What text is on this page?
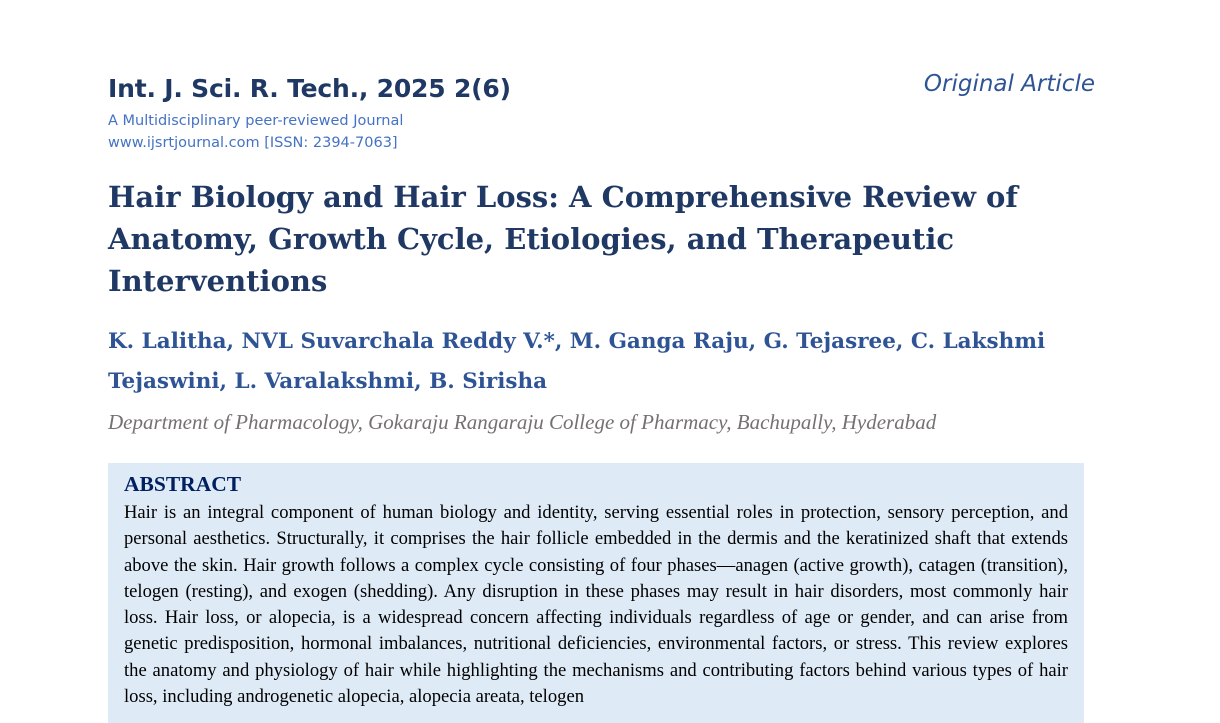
Int. J. Sci. R. Tech., 2025 2(6)	Original Article
A Multidisciplinary peer-reviewed Journal
www.ijsrtjournal.com [ISSN: 2394-7063]
Hair Biology and Hair Loss: A Comprehensive Review of Anatomy, Growth Cycle, Etiologies, and Therapeutic Interventions
K. Lalitha, NVL Suvarchala Reddy V.*, M. Ganga Raju, G. Tejasree, C. Lakshmi Tejaswini, L. Varalakshmi, B. Sirisha
Department of Pharmacology, Gokaraju Rangaraju College of Pharmacy, Bachupally, Hyderabad
ABSTRACT

Hair is an integral component of human biology and identity, serving essential roles in protection, sensory perception, and personal aesthetics. Structurally, it comprises the hair follicle embedded in the dermis and the keratinized shaft that extends above the skin. Hair growth follows a complex cycle consisting of four phases—anagen (active growth), catagen (transition), telogen (resting), and exogen (shedding). Any disruption in these phases may result in hair disorders, most commonly hair loss. Hair loss, or alopecia, is a widespread concern affecting individuals regardless of age or gender, and can arise from genetic predisposition, hormonal imbalances, nutritional deficiencies, environmental factors, or stress. This review explores the anatomy and physiology of hair while highlighting the mechanisms and contributing factors behind various types of hair loss, including androgenetic alopecia, alopecia areata, telogen
